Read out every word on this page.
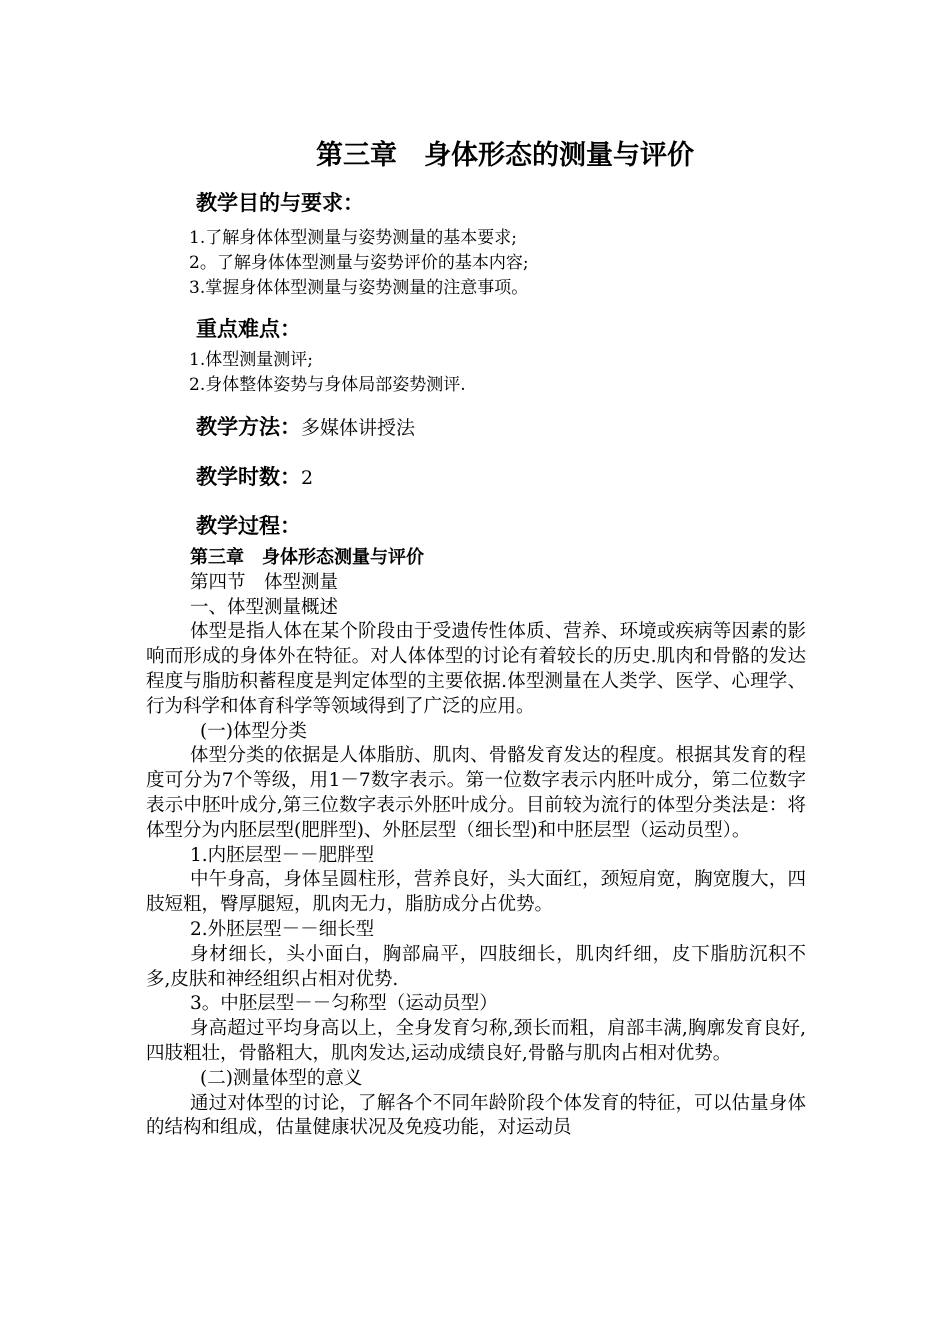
第三章　身体形态的测量与评价
教学目的与要求：
1.了解身体体型测量与姿势测量的基本要求;
2。了解身体体型测量与姿势评价的基本内容;
3.掌握身体体型测量与姿势测量的注意事项。
重点难点：
1.体型测量测评;
2.身体整体姿势与身体局部姿势测评.
教学方法：多媒体讲授法
教学时数：2
教学过程：

第三章　身体形态测量与评价

第四节　体型测量

一、体型测量概述

体型是指人体在某个阶段由于受遗传性体质、营养、环境或疾病等因素的影响而形成的身体外在特征。对人体体型的讨论有着较长的历史.肌肉和骨骼的发达程度与脂肪积蓄程度是判定体型的主要依据.体型测量在人类学、医学、心理学、行为科学和体育科学等领域得到了广泛的应用。

(一)体型分类

体型分类的依据是人体脂肪、肌肉、骨骼发育发达的程度。根据其发育的程度可分为7个等级，用1－7数字表示。第一位数字表示内胚叶成分，第二位数字表示中胚叶成分,第三位数字表示外胚叶成分。目前较为流行的体型分类法是：将体型分为内胚层型(肥胖型)、外胚层型（细长型)和中胚层型（运动员型）。

1.内胚层型－－肥胖型

中午身高，身体呈圆柱形，营养良好，头大面红，颈短肩宽，胸宽腹大，四肢短粗，臀厚腿短，肌肉无力，脂肪成分占优势。

2.外胚层型－－细长型

身材细长，头小面白，胸部扁平，四肢细长，肌肉纤细，皮下脂肪沉积不多,皮肤和神经组织占相对优势.

3。中胚层型－－匀称型（运动员型）

身高超过平均身高以上，全身发育匀称,颈长而粗，肩部丰满,胸廓发育良好,四肢粗壮，骨骼粗大，肌肉发达,运动成绩良好,骨骼与肌肉占相对优势。

(二)测量体型的意义

通过对体型的讨论，了解各个不同年龄阶段个体发育的特征，可以估量身体的结构和组成，估量健康状况及免疫功能，对运动员
